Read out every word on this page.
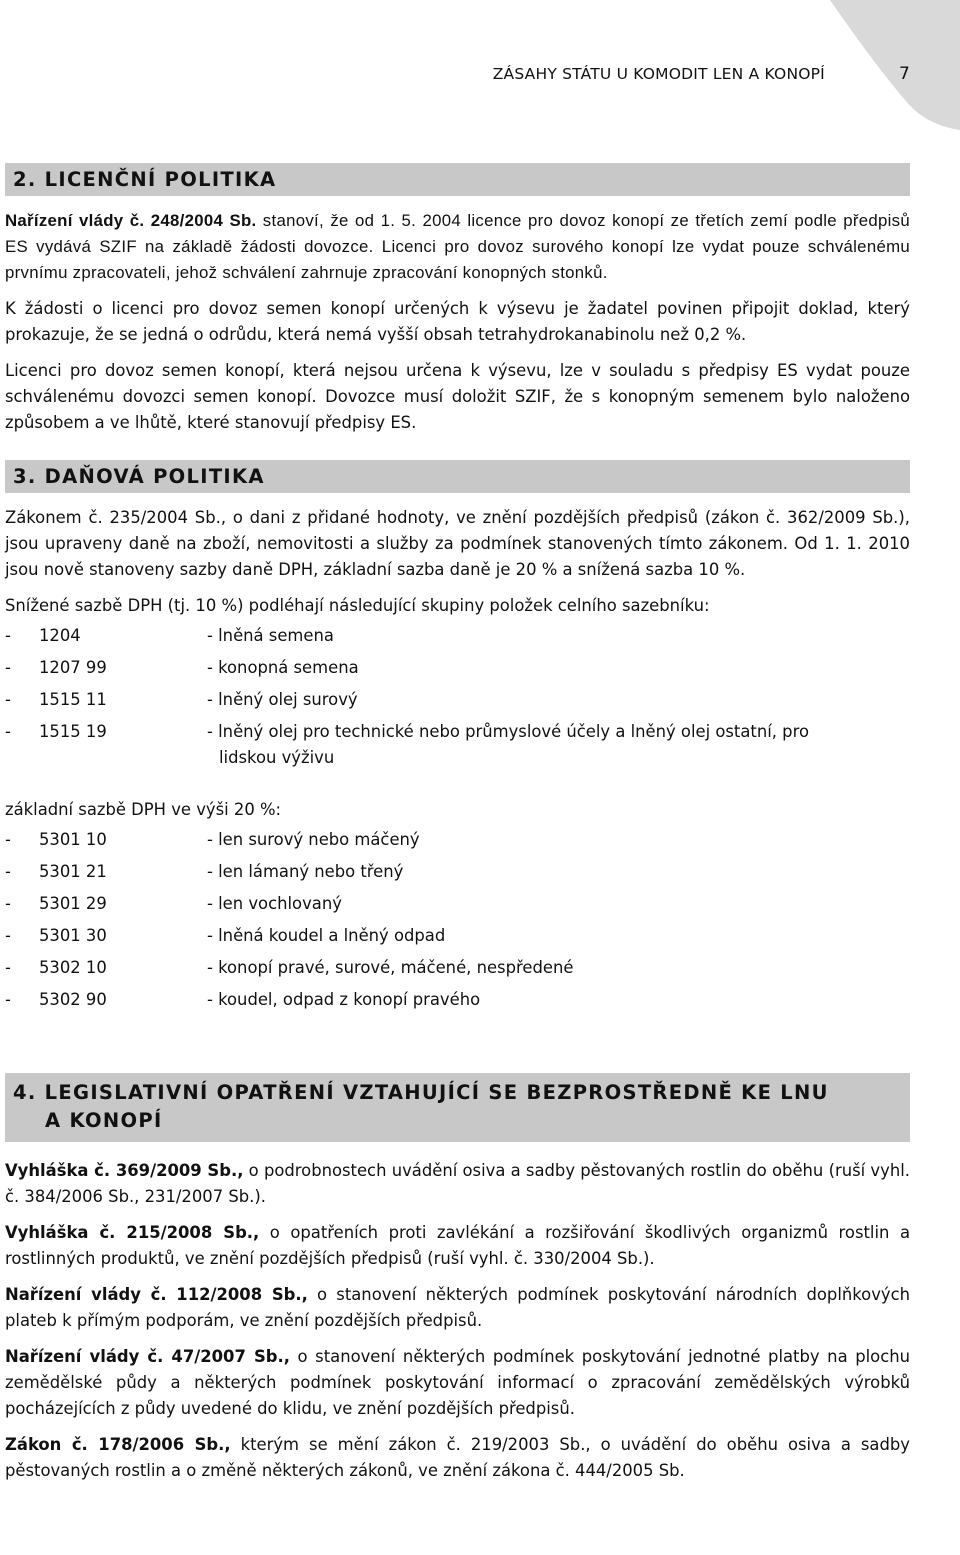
ZÁSAHY STÁTU U KOMODIT LEN A KONOPÍ	7
2. LICENČNÍ POLITIKA

Nařízení vlády č. 248/2004 Sb. stanoví, že od 1. 5. 2004 licence pro dovoz konopí ze třetích zemí podle předpisů ES vydává SZIF na základě žádosti dovozce. Licenci pro dovoz surového konopí lze vydat pouze schválenému prvnímu zpracovateli, jehož schválení zahrnuje zpracování konopných stonků.

K žádosti o licenci pro dovoz semen konopí určených k výsevu je žadatel povinen připojit doklad, který prokazuje, že se jedná o odrůdu, která nemá vyšší obsah tetrahydrokanabinolu než 0,2 %.

Licenci pro dovoz semen konopí, která nejsou určena k výsevu, lze v souladu s předpisy ES vydat pouze schválenému dovozci semen konopí. Dovozce musí doložit SZIF, že s konopným semenem bylo naloženo způsobem a ve lhůtě, které stanovují předpisy ES.

3. DAŇOVÁ POLITIKA

Zákonem č. 235/2004 Sb., o dani z přidané hodnoty, ve znění pozdějších předpisů (zákon č. 362/2009 Sb.), jsou upraveny daně na zboží, nemovitosti a služby za podmínek stanovených tímto zákonem. Od 1. 1. 2010 jsou nově stanoveny sazby daně DPH, základní sazba daně je 20 % a snížená sazba 10 %.

Snížené sazbě DPH (tj. 10 %) podléhají následující skupiny položek celního sazebníku:

-	1204	- lněná semena
-	1207 99	- konopná semena
-	1515 11	- lněný olej surový
-	1515 19	- lněný olej pro technické nebo průmyslové účely a lněný olej ostatní, pro
lidskou výživu

základní sazbě DPH ve výši 20 %:

-	5301 10	- len surový nebo máčený
-	5301 21	- len lámaný nebo třený
-	5301 29	- len vochlovaný
-	5301 30	- lněná koudel a lněný odpad
-	5302 10	- konopí pravé, surové, máčené, nespředené
-	5302 90	- koudel, odpad z konopí pravého
4. LEGISLATIVNÍ OPATŘENÍ VZTAHUJÍCÍ SE BEZPROSTŘEDNĚ KE LNU
A KONOPÍ

Vyhláška č. 369/2009 Sb., o podrobnostech uvádění osiva a sadby pěstovaných rostlin do oběhu (ruší vyhl. č. 384/2006 Sb., 231/2007 Sb.).

Vyhláška č. 215/2008 Sb., o opatřeních proti zavlékání a rozšiřování škodlivých organizmů rostlin a rostlinných produktů, ve znění pozdějších předpisů (ruší vyhl. č. 330/2004 Sb.).

Nařízení vlády č. 112/2008 Sb., o stanovení některých podmínek poskytování národních doplňkových plateb k přímým podporám, ve znění pozdějších předpisů.

Nařízení vlády č. 47/2007 Sb., o stanovení některých podmínek poskytování jednotné platby na plochu zemědělské půdy a některých podmínek poskytování informací o zpracování zemědělských výrobků pocházejících z půdy uvedené do klidu, ve znění pozdějších předpisů.

Zákon č. 178/2006 Sb., kterým se mění zákon č. 219/2003 Sb., o uvádění do oběhu osiva a sadby pěstovaných rostlin a o změně některých zákonů, ve znění zákona č. 444/2005 Sb.
